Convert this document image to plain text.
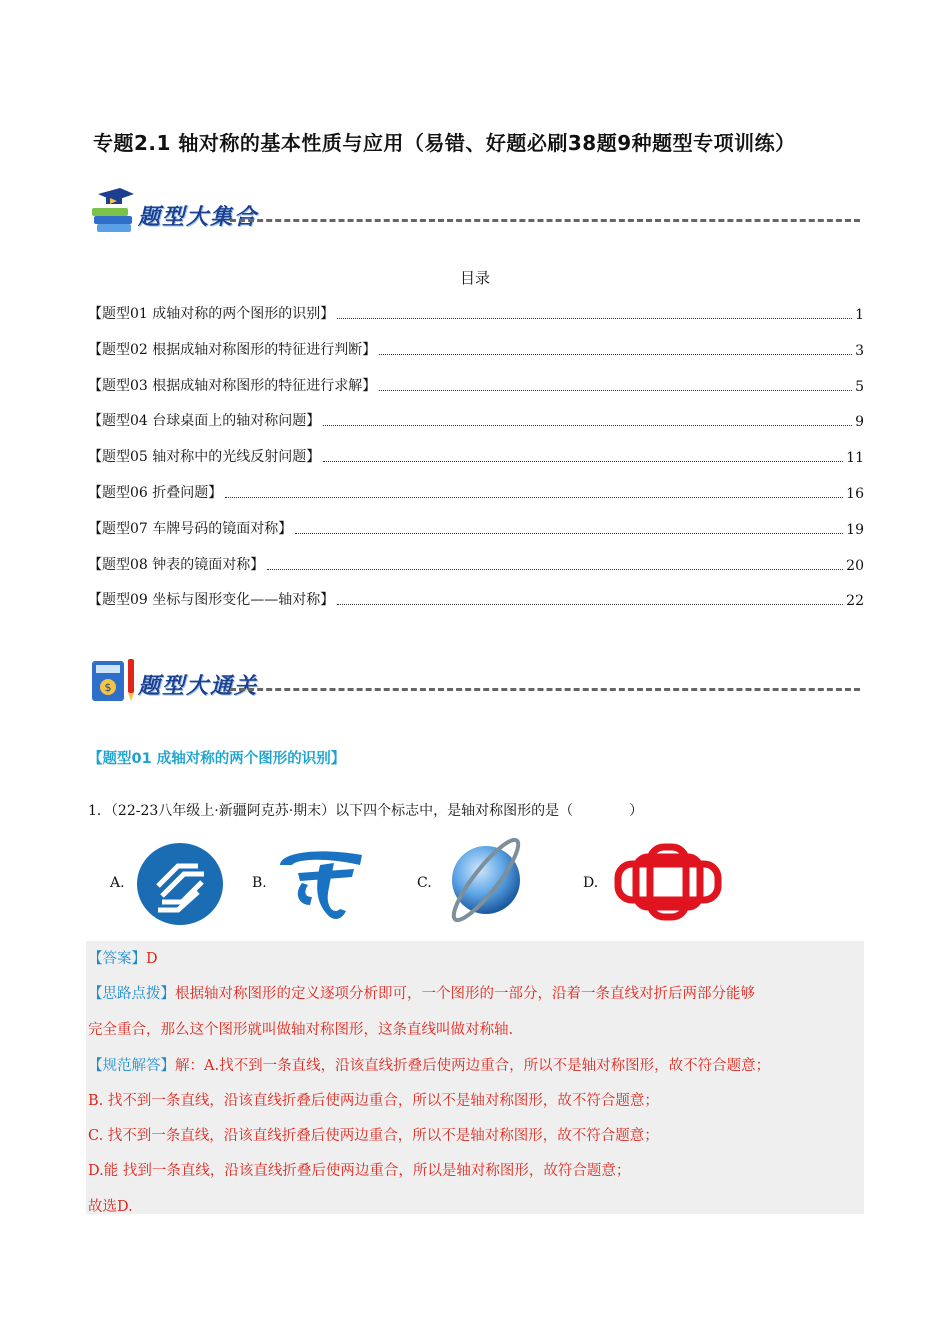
专题2.1 轴对称的基本性质与应用（易错、好题必刷38题9种题型专项训练）
题型大集合
目录
【题型01 成轴对称的两个图形的识别】	1
【题型02 根据成轴对称图形的特征进行判断】	3
【题型03 根据成轴对称图形的特征进行求解】	5
【题型04 台球桌面上的轴对称问题】	9
【题型05 轴对称中的光线反射问题】	11
【题型06 折叠问题】	16
【题型07 车牌号码的镜面对称】	19
【题型08 钟表的镜面对称】	20
【题型09 坐标与图形变化——轴对称】	22
$ 题型大通关
【题型01 成轴对称的两个图形的识别】
1．（22-23八年级上·新疆阿克苏·期末）以下四个标志中，是轴对称图形的是（　　　　）
A.	B.	C.	D.
【答案】D
【思路点拨】根据轴对称图形的定义逐项分析即可，一个图形的一部分，沿着一条直线对折后两部分能够
完全重合，那么这个图形就叫做轴对称图形，这条直线叫做对称轴.
【规范解答】解：A.找不到一条直线，沿该直线折叠后使两边重合，所以不是轴对称图形，故不符合题意；
B. 找不到一条直线，沿该直线折叠后使两边重合，所以不是轴对称图形，故不符合题意；
C. 找不到一条直线，沿该直线折叠后使两边重合，所以不是轴对称图形，故不符合题意；
D.能 找到一条直线，沿该直线折叠后使两边重合，所以是轴对称图形，故符合题意；
故选D.
